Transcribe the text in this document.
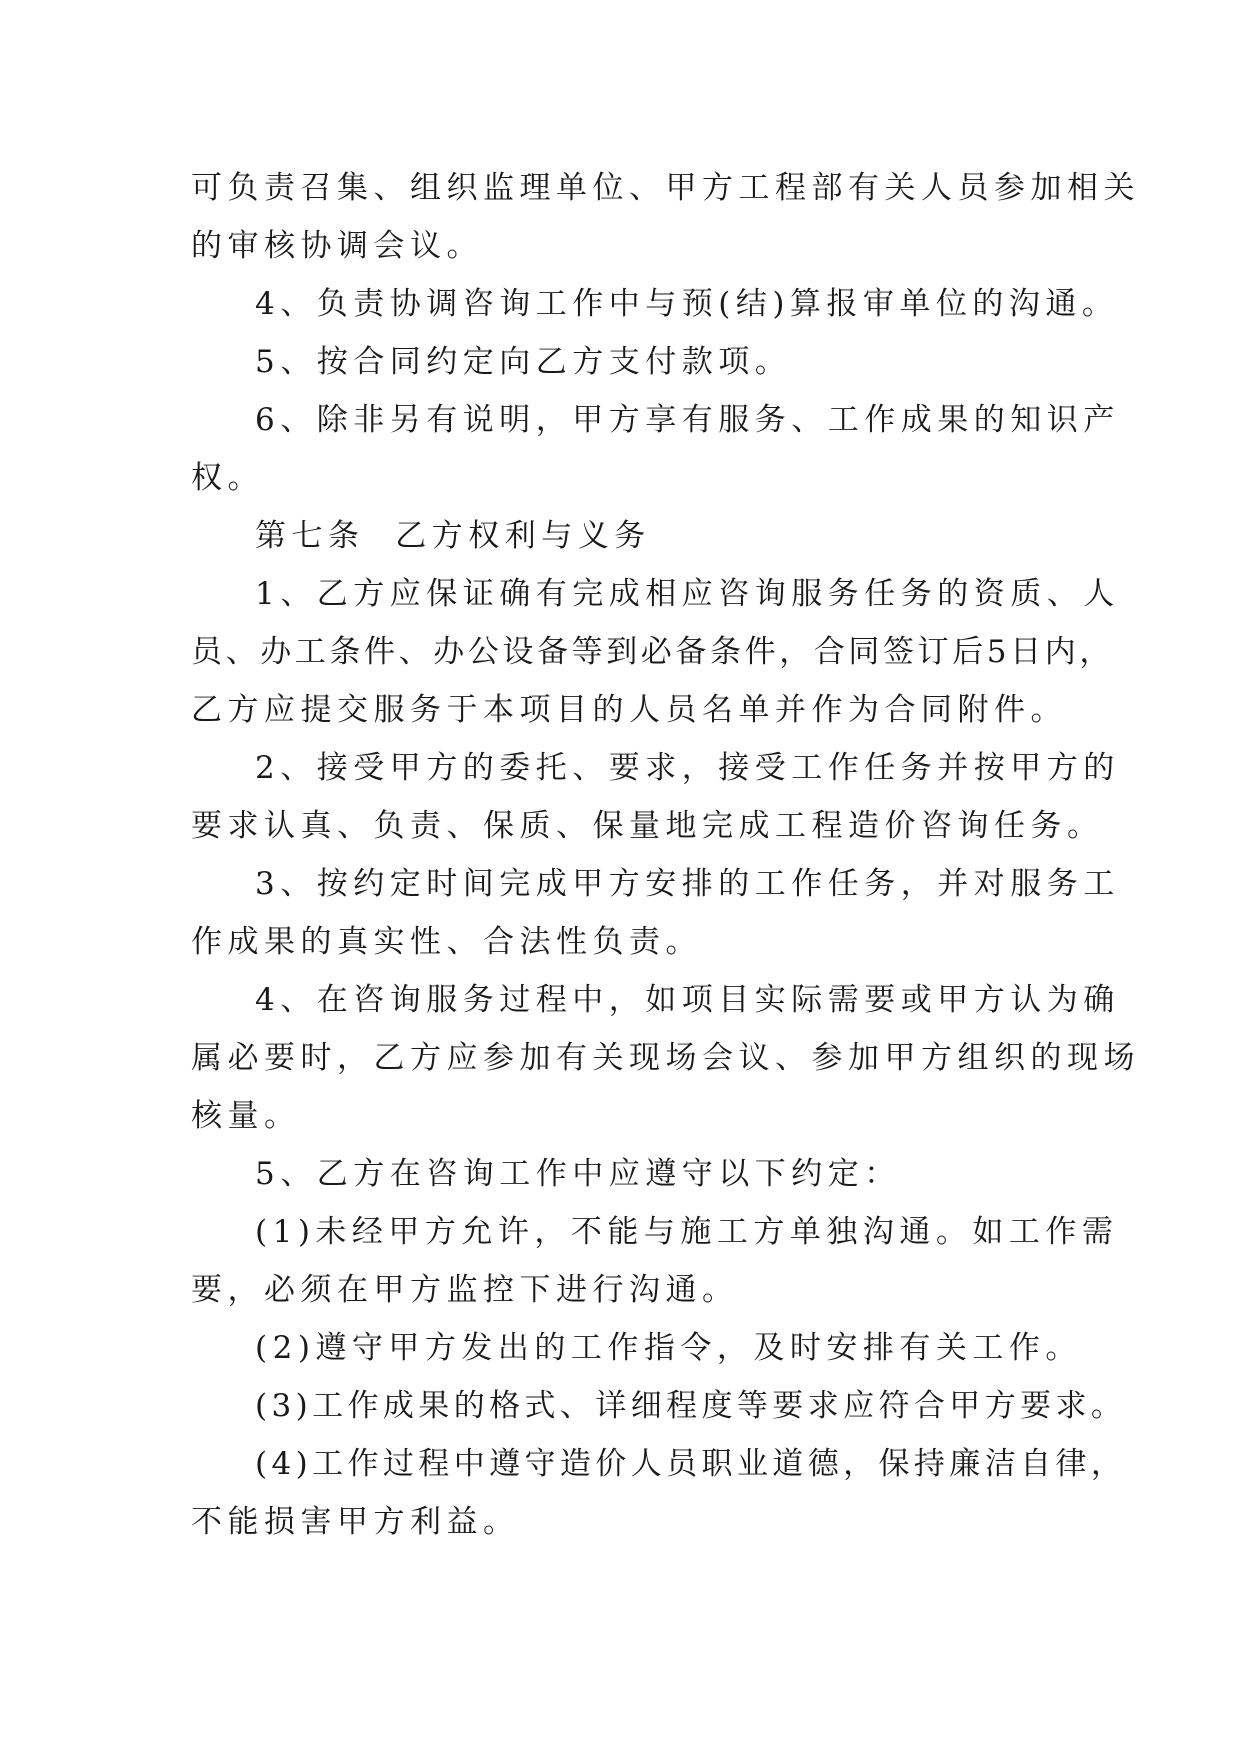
可负责召集、组织监理单位、甲方工程部有关人员参加相关
的审核协调会议。

4、负责协调咨询工作中与预(结)算报审单位的沟通。

5、按合同约定向乙方支付款项。

6、除非另有说明，甲方享有服务、工作成果的知识产
权。

第七条  乙方权利与义务

1、乙方应保证确有完成相应咨询服务任务的资质、人
员、办工条件、办公设备等到必备条件，合同签订后5日内，
乙方应提交服务于本项目的人员名单并作为合同附件。

2、接受甲方的委托、要求，接受工作任务并按甲方的
要求认真、负责、保质、保量地完成工程造价咨询任务。

3、按约定时间完成甲方安排的工作任务，并对服务工
作成果的真实性、合法性负责。

4、在咨询服务过程中，如项目实际需要或甲方认为确
属必要时，乙方应参加有关现场会议、参加甲方组织的现场
核量。

5、乙方在咨询工作中应遵守以下约定：

(1)未经甲方允许，不能与施工方单独沟通。如工作需
要，必须在甲方监控下进行沟通。

(2)遵守甲方发出的工作指令，及时安排有关工作。

(3)工作成果的格式、详细程度等要求应符合甲方要求。

(4)工作过程中遵守造价人员职业道德，保持廉洁自律，
不能损害甲方利益。
